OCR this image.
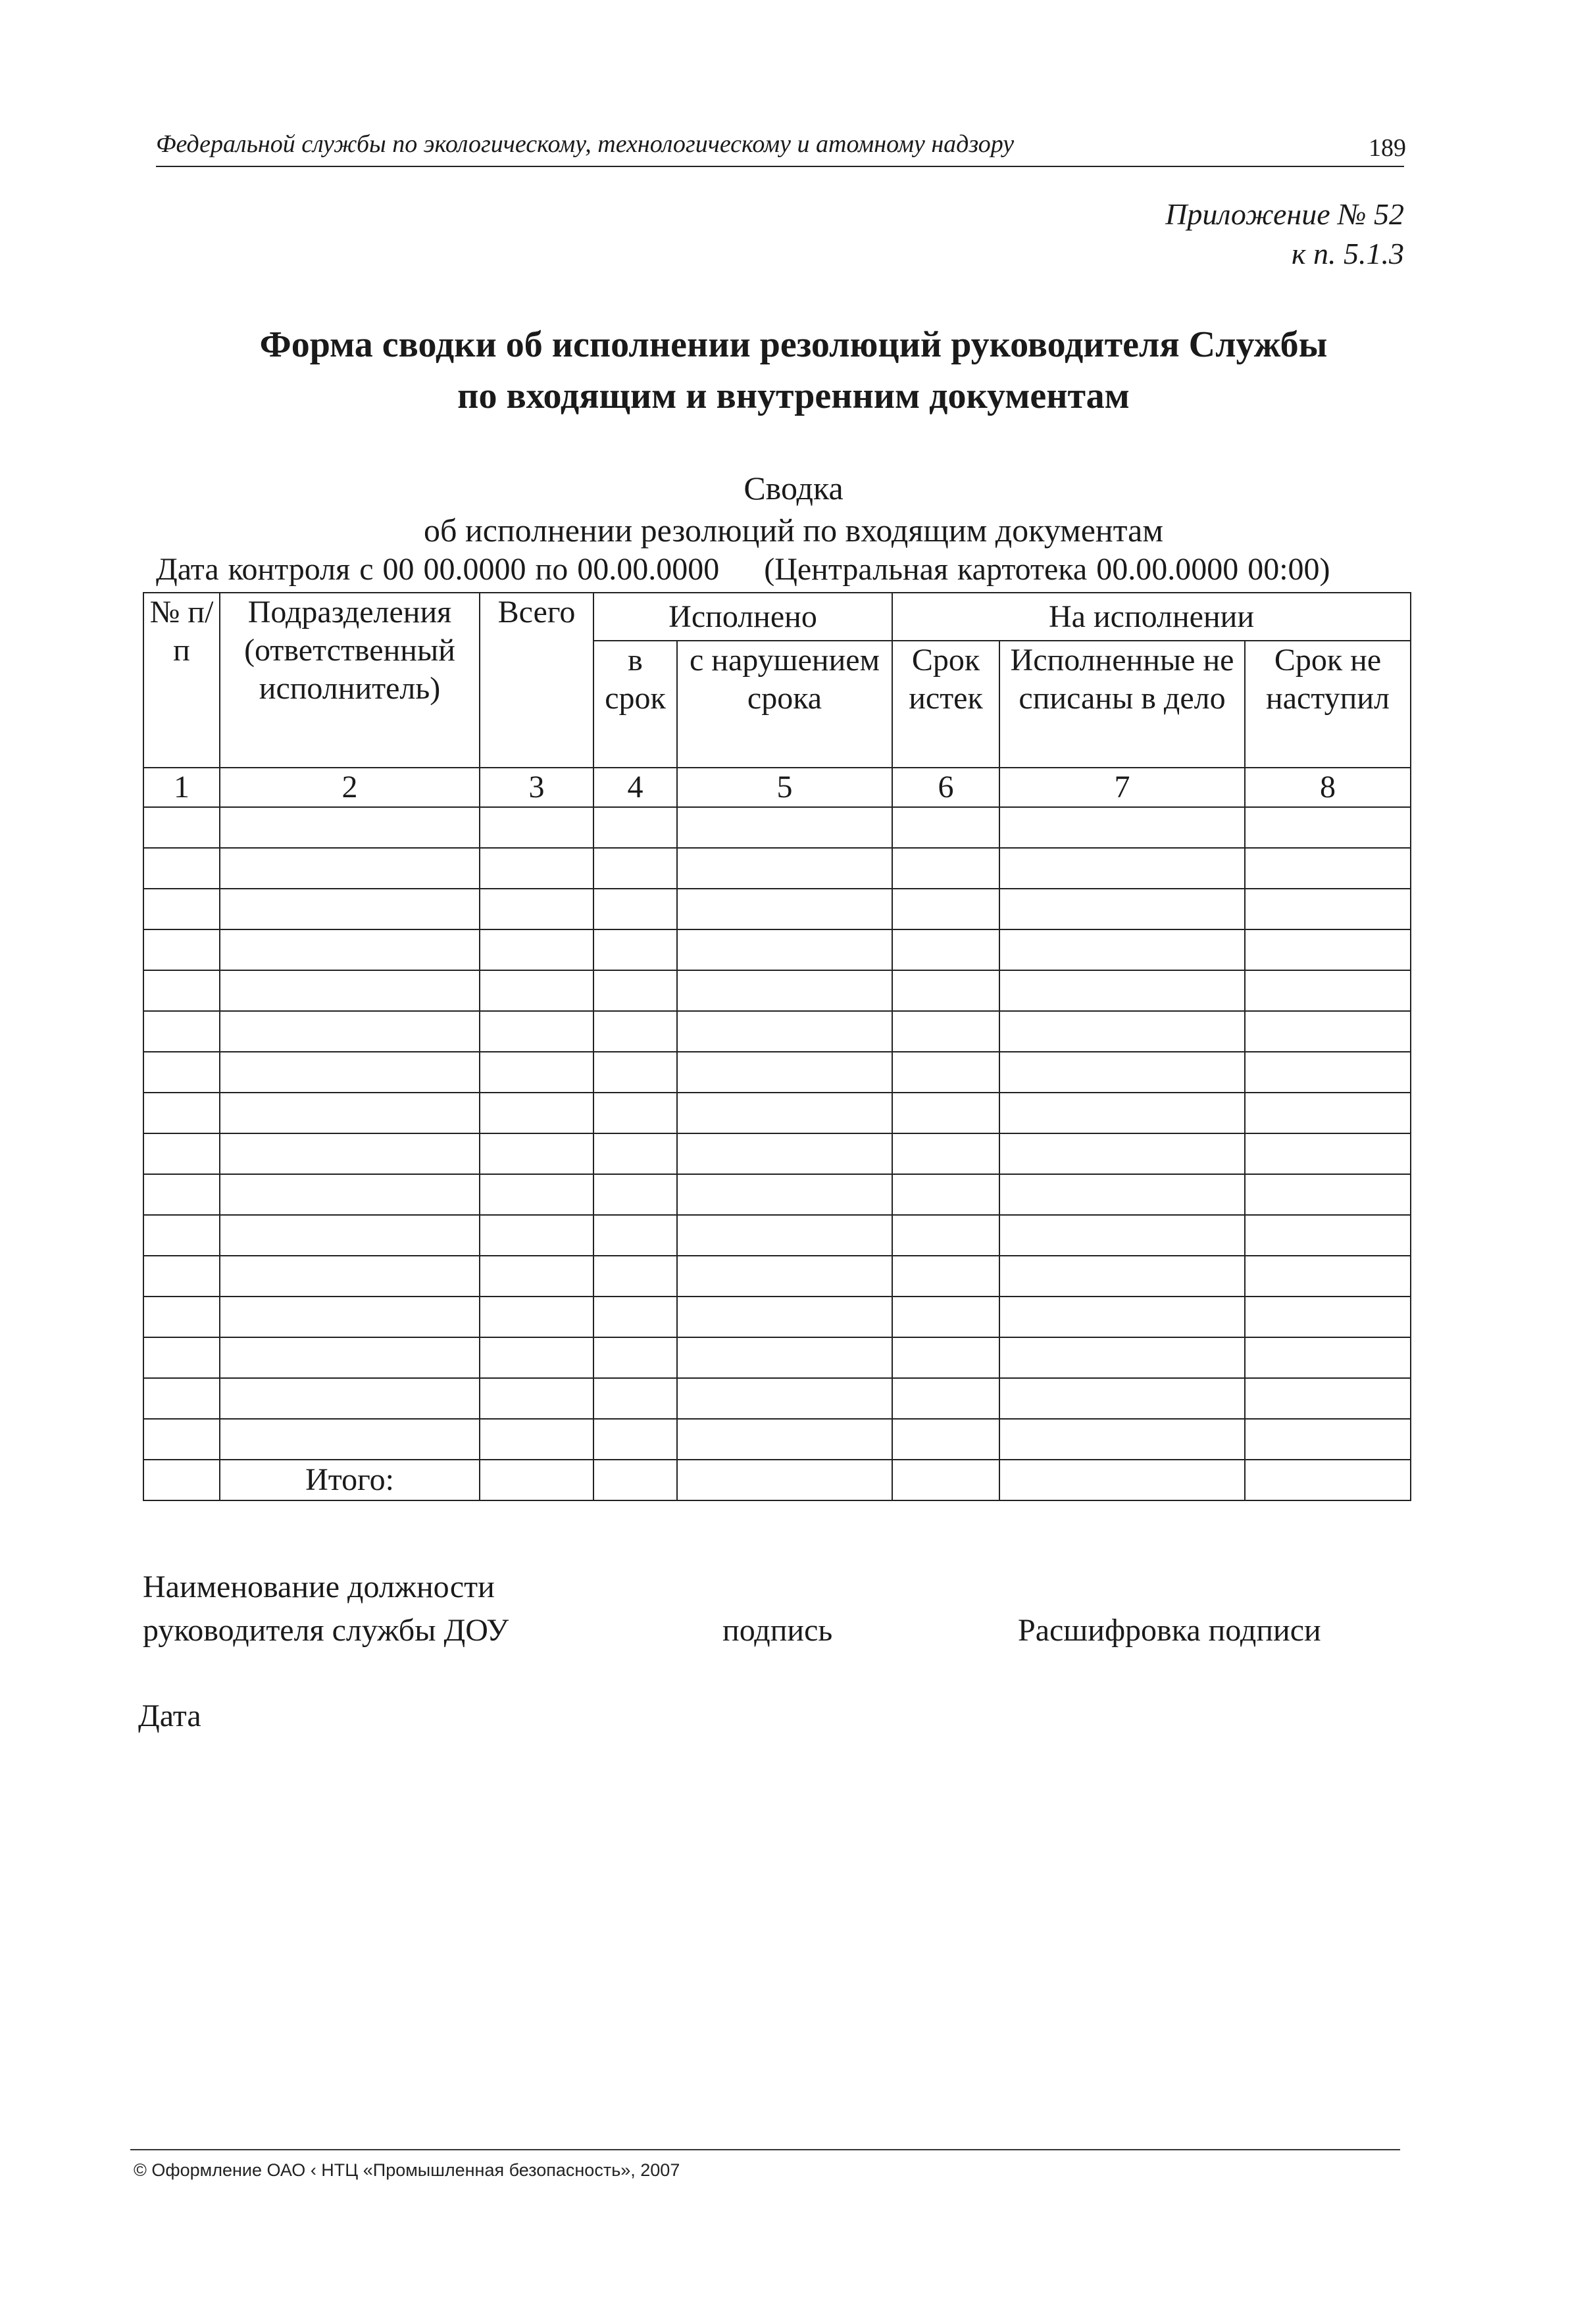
Федеральной службы по экологическому, технологическому и атомному надзору	189
Приложение № 52
к п. 5.1.3
Форма сводки об исполнении резолюций руководителя Службы
по входящим и внутренним документам
Сводка
об исполнении резолюций по входящим документам
Дата контроля с 00 00.0000 по 00.00.0000 (Центральная картотека 00.00.0000 00:00)
№ п/п	Подразделения (ответственный исполнитель)	Всего	Исполнено		На исполнении		
			в срок	с нарушением срока	Срок истек	Исполненные не списаны в дело	Срок не наступил
1	2	3	4	5	6	7	8

	Итого:						
Наименование должности
руководителя службы ДОУ	подпись	Расшифровка подписи
Дата
© Оформление ОАО ‹ НТЦ «Промышленная безопасность», 2007
